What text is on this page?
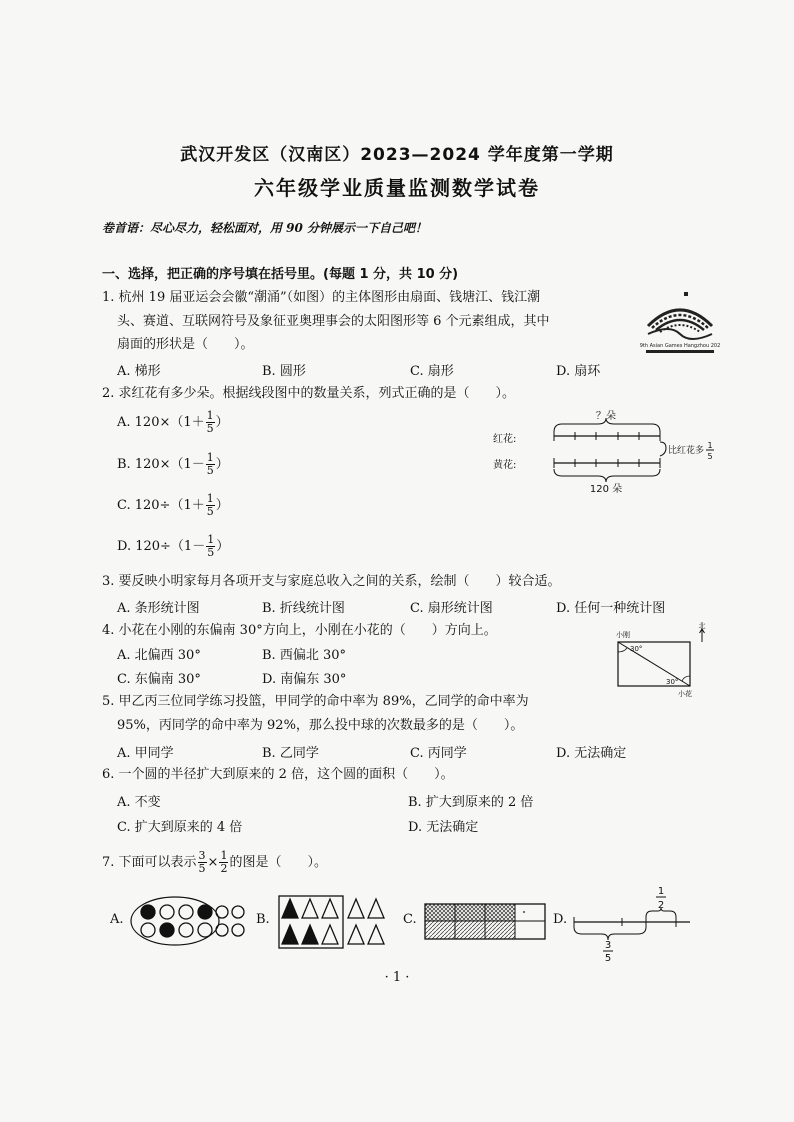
武汉开发区（汉南区）2023—2024 学年度第一学期
六年级学业质量监测数学试卷
卷首语：尽心尽力，轻松面对，用 90 分钟展示一下自己吧！
一、选择，把正确的序号填在括号里。(每题 1 分，共 10 分)
1. 杭州 19 届亚运会会徽“潮涌”（如图）的主体图形由扇面、钱塘江、钱江潮
头、赛道、互联网符号及象征亚奥理事会的太阳图形等 6 个元素组成，其中
扇面的形状是（　　）。
A. 梯形	B. 圆形	C. 扇形	D. 扇环
19th Asian Games Hangzhou 2022
2. 求红花有多少朵。根据线段图中的数量关系，列式正确的是（　　）。
A. $120\times(1+ \frac{1}{5}$ ）
B. $120\times(1- \frac{1}{5}$ ）
C. $120\div(1+ \frac{1}{5}$ ）
D. $120\div(1- \frac{1}{5}$ ）
？朵
红花:
黄花:
比红花多
1
5
120 朵
3. 要反映小明家每月各项开支与家庭总收入之间的关系，绘制（　　）较合适。
A. 条形统计图	B. 折线统计图	C. 扇形统计图	D. 任何一种统计图
4. 小花在小刚的东偏南 30°方向上，小刚在小花的（　　）方向上。
A. 北偏西 30°	B. 西偏北 30°
C. 东偏南 30°	D. 南偏东 30°
北
小刚
30°
30°
小花
5. 甲乙丙三位同学练习投篮，甲同学的命中率为 89%，乙同学的命中率为
95%，丙同学的命中率为 92%，那么投中球的次数最多的是（　　）。
A. 甲同学	B. 乙同学	C. 丙同学	D. 无法确定
6. 一个圆的半径扩大到原来的 2 倍，这个圆的面积（　　）。
A. 不变	B. 扩大到原来的 2 倍
C. 扩大到原来的 4 倍	D. 无法确定
7. 下面可以表示 $\frac{3}{5} \times \frac{1}{2}$ 的图是（　　）。
A.	B.	C.	D.
1
2
3
5
· 1 ·
